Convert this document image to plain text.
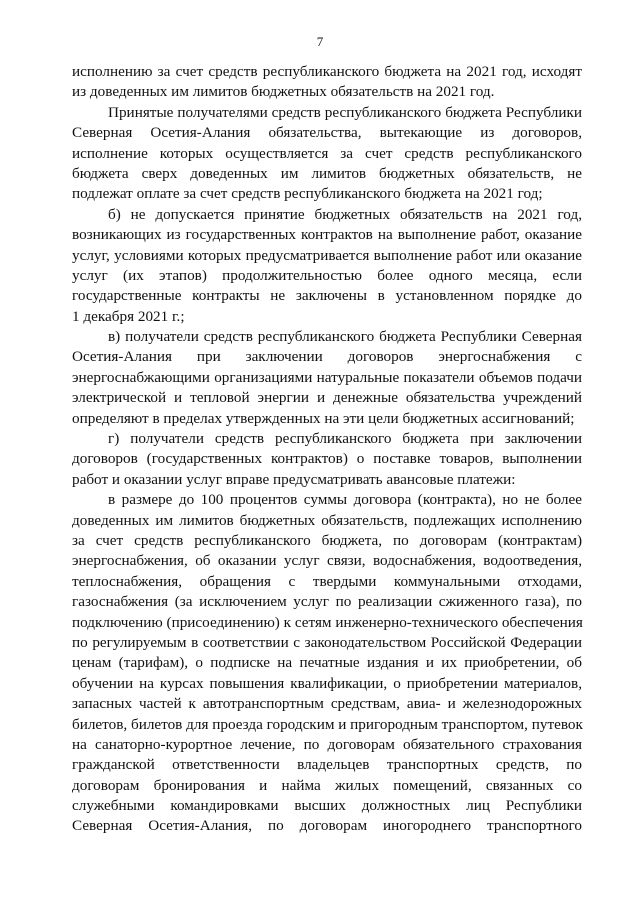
7
исполнению за счет средств республиканского бюджета на 2021 год, исходят
из доведенных им лимитов бюджетных обязательств на 2021 год.
Принятые получателями средств республиканского бюджета Республики
Северная Осетия-Алания обязательства, вытекающие из договоров,
исполнение которых осуществляется за счет средств республиканского
бюджета сверх доведенных им лимитов бюджетных обязательств, не
подлежат оплате за счет средств республиканского бюджета на 2021 год;
б) не допускается принятие бюджетных обязательств на 2021 год,
возникающих из государственных контрактов на выполнение работ, оказание
услуг, условиями которых предусматривается выполнение работ или оказание
услуг (их этапов) продолжительностью более одного месяца, если
государственные контракты не заключены в установленном порядке до
1 декабря 2021 г.;
в) получатели средств республиканского бюджета Республики Северная
Осетия-Алания при заключении договоров энергоснабжения с
энергоснабжающими организациями натуральные показатели объемов подачи
электрической и тепловой энергии и денежные обязательства учреждений
определяют в пределах утвержденных на эти цели бюджетных ассигнований;
г) получатели средств республиканского бюджета при заключении
договоров (государственных контрактов) о поставке товаров, выполнении
работ и оказании услуг вправе предусматривать авансовые платежи:
в размере до 100 процентов суммы договора (контракта), но не более
доведенных им лимитов бюджетных обязательств, подлежащих исполнению
за счет средств республиканского бюджета, по договорам (контрактам)
энергоснабжения, об оказании услуг связи, водоснабжения, водоотведения,
теплоснабжения, обращения с твердыми коммунальными отходами,
газоснабжения (за исключением услуг по реализации сжиженного газа), по
подключению (присоединению) к сетям инженерно-технического обеспечения
по регулируемым в соответствии с законодательством Российской Федерации
ценам (тарифам), о подписке на печатные издания и их приобретении, об
обучении на курсах повышения квалификации, о приобретении материалов,
запасных частей к автотранспортным средствам, авиа- и железнодорожных
билетов, билетов для проезда городским и пригородным транспортом, путевок
на санаторно-курортное лечение, по договорам обязательного страхования
гражданской ответственности владельцев транспортных средств, по
договорам бронирования и найма жилых помещений, связанных со
служебными командировками высших должностных лиц Республики
Северная Осетия-Алания, по договорам иногороднего транспортного
